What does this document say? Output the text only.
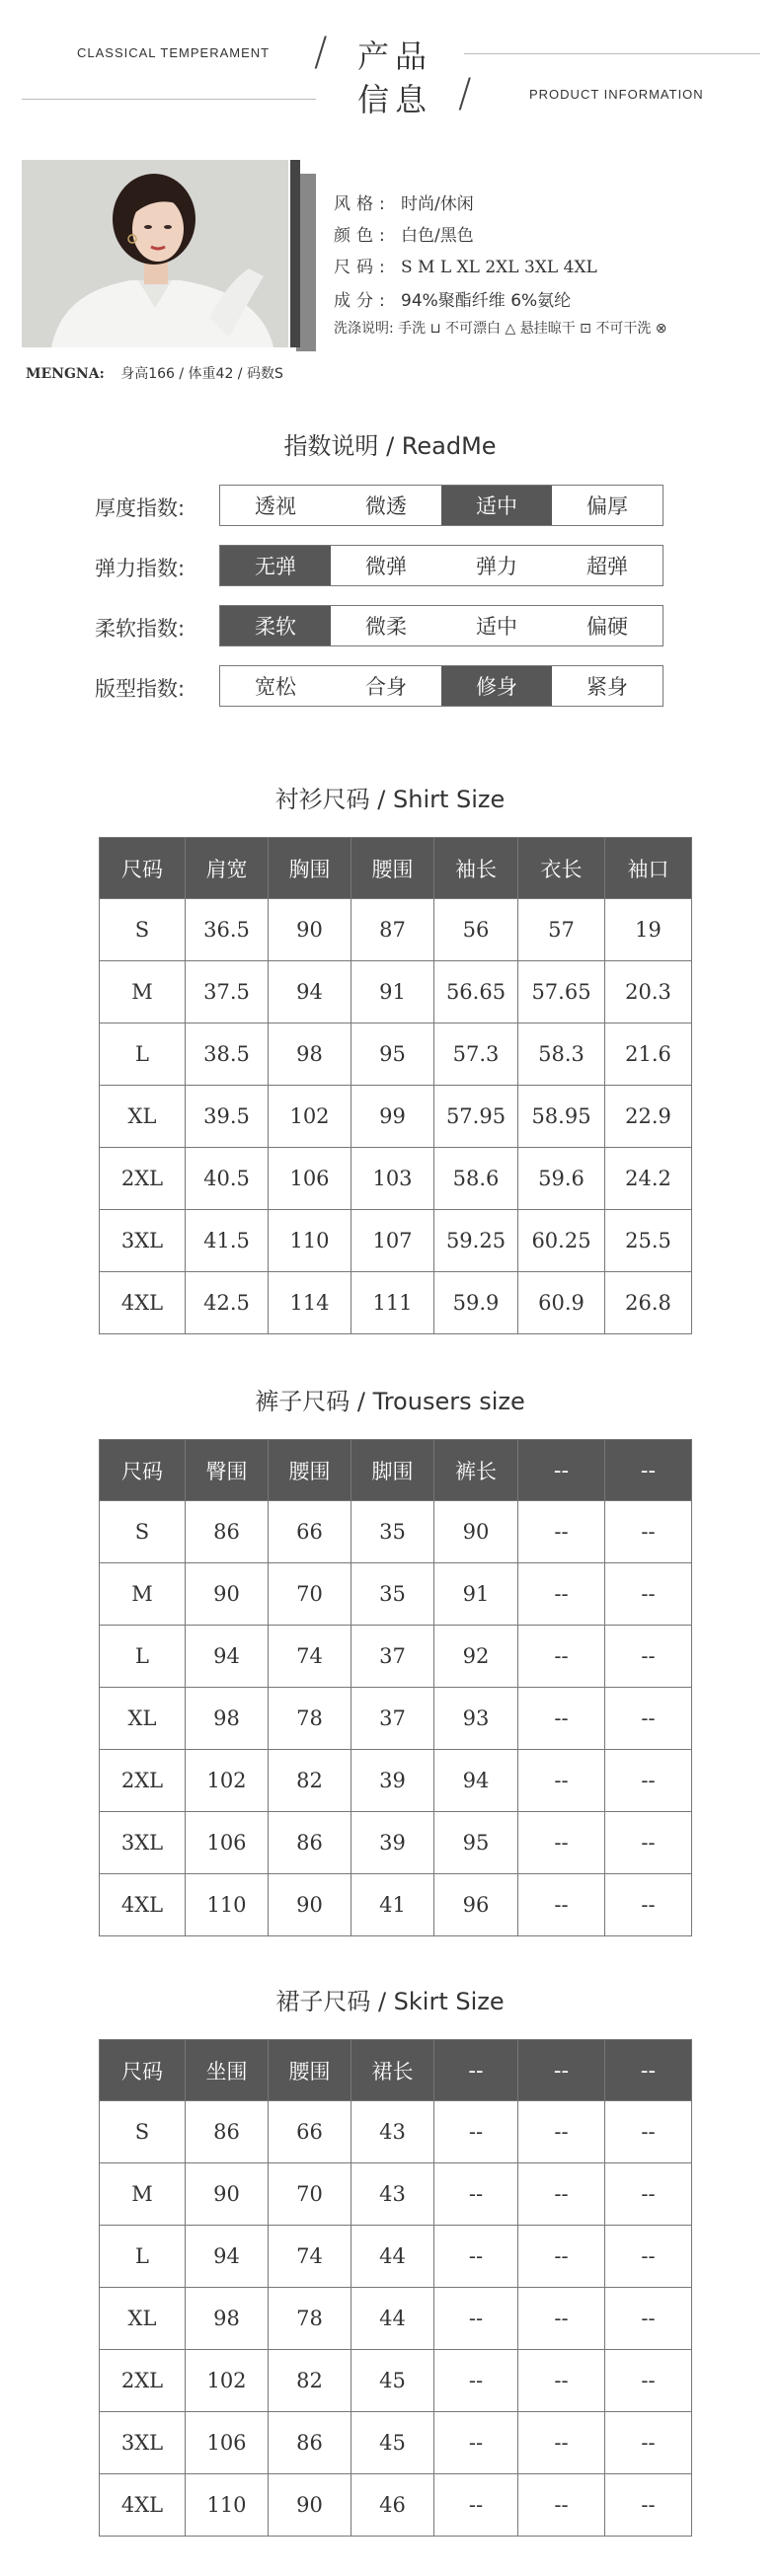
CLASSICAL TEMPERAMENT / 产品
信息 /	PRODUCT INFORMATION
风格: 时尚/休闲
颜色: 白色/黑色
尺码: S M L XL 2XL 3XL 4XL
成分: 94%聚酯纤维 6%氨纶
洗涤说明: 手洗 ⊔ 不可漂白 △ 悬挂晾干 ⊡ 不可干洗 ⊗
MENGNA: 身高166 / 体重42 / 码数S
指数说明 / ReadMe
厚度指数:	透视	微透	适中	偏厚
弹力指数:	无弹	微弹	弹力	超弹
柔软指数:	柔软	微柔	适中	偏硬
版型指数:	宽松	合身	修身	紧身
衬衫尺码 / Shirt Size
尺码	肩宽	胸围	腰围	袖长	衣长	袖口
S	36.5	90	87	56	57	19
M	37.5	94	91	56.65	57.65	20.3
L	38.5	98	95	57.3	58.3	21.6
XL	39.5	102	99	57.95	58.95	22.9
2XL	40.5	106	103	58.6	59.6	24.2
3XL	41.5	110	107	59.25	60.25	25.5
4XL	42.5	114	111	59.9	60.9	26.8
裤子尺码 / Trousers size
尺码	臀围	腰围	脚围	裤长	--	--
S	86	66	35	90	--	--
M	90	70	35	91	--	--
L	94	74	37	92	--	--
XL	98	78	37	93	--	--
2XL	102	82	39	94	--	--
3XL	106	86	39	95	--	--
4XL	110	90	41	96	--	--
裙子尺码 / Skirt Size
尺码	坐围	腰围	裙长	--	--	--
S	86	66	43	--	--	--
M	90	70	43	--	--	--
L	94	74	44	--	--	--
XL	98	78	44	--	--	--
2XL	102	82	45	--	--	--
3XL	106	86	45	--	--	--
4XL	110	90	46	--	--	--
